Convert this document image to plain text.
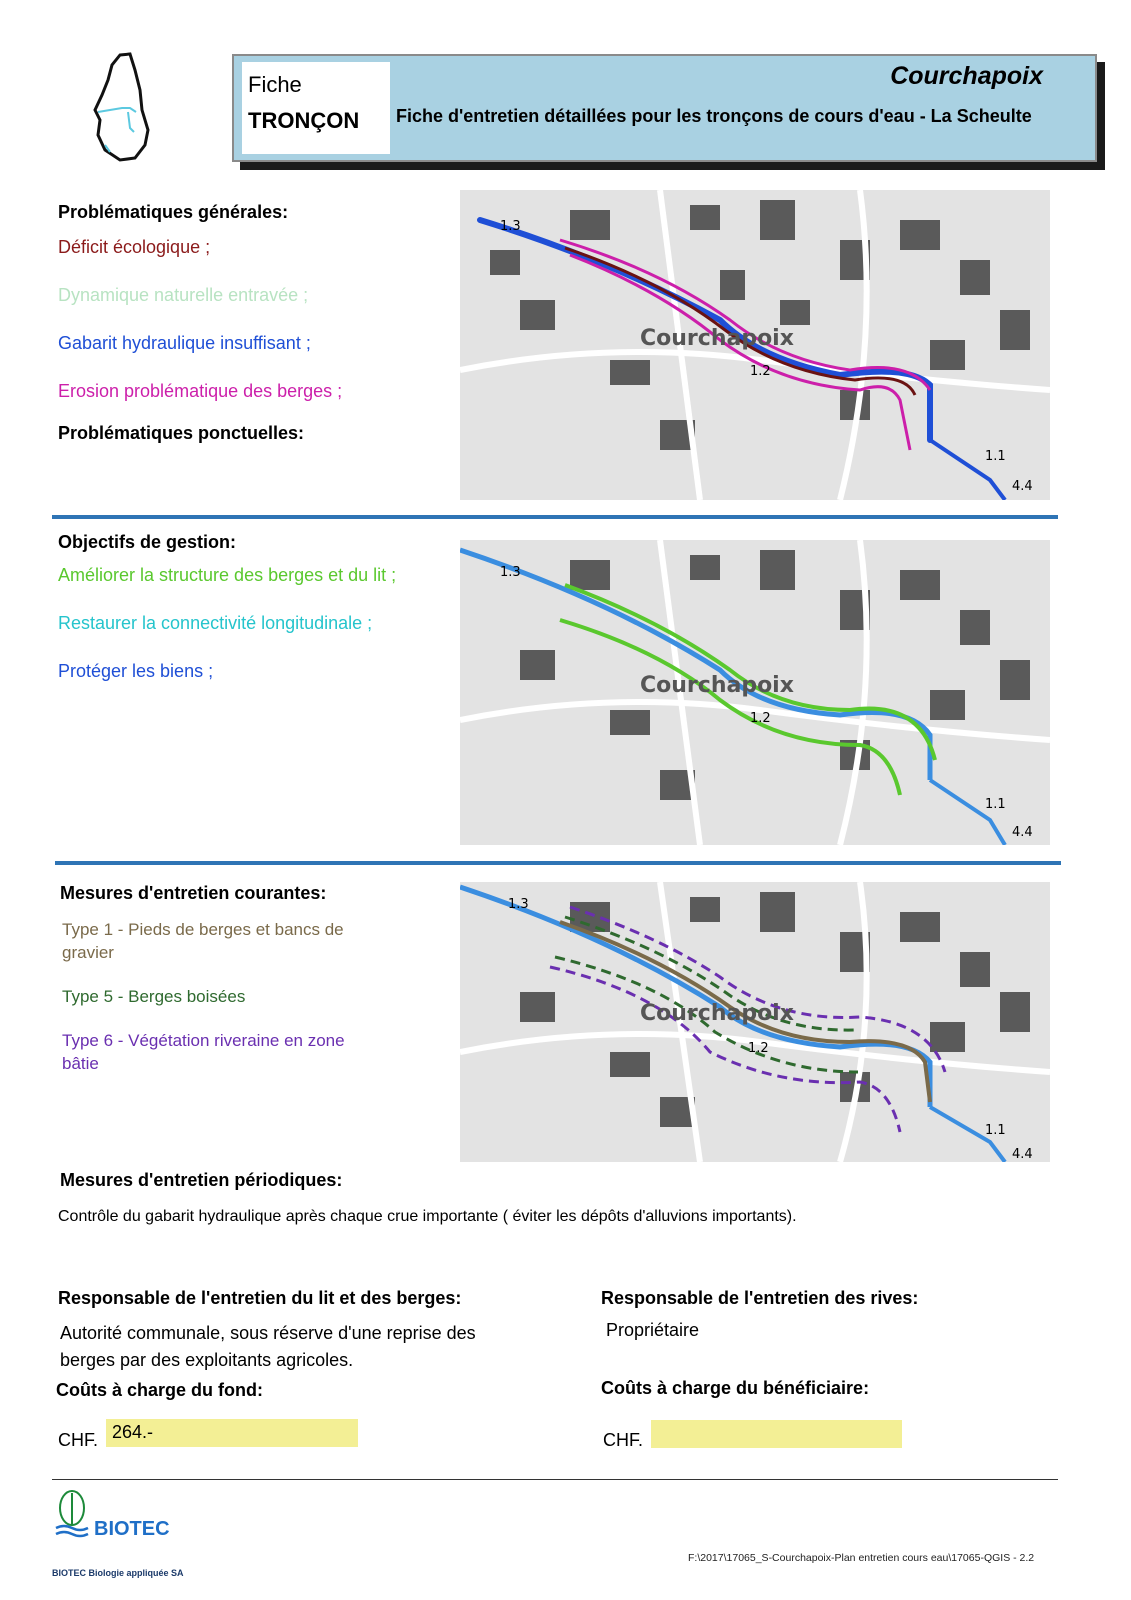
Fiche
TRONÇON
Courchapoix
Fiche d'entretien détaillées pour les tronçons de cours d'eau - La Scheulte
Problématiques générales:
Déficit écologique ;
Dynamique naturelle entravée ;
Gabarit hydraulique insuffisant ;
Erosion problématique des berges ;
Problématiques ponctuelles:
Courchapoix
1.3
1.2
1.1
4.4
Objectifs de gestion:
Améliorer la structure des berges et du lit ;
Restaurer la connectivité longitudinale ;
Protéger les biens ;
Courchapoix
1.3
1.2
1.1
4.4
Mesures d'entretien courantes:
Type 1 - Pieds de berges et bancs de gravier
Type 5 - Berges boisées
Type 6 - Végétation riveraine en zone bâtie
Courchapoix
1.3
1.2
1.1
4.4
Mesures d'entretien périodiques:
Contrôle du gabarit hydraulique après chaque crue importante ( éviter les dépôts d'alluvions importants).
Responsable de l'entretien du lit et des berges:
Autorité communale, sous réserve d'une reprise des berges par des exploitants agricoles.
Responsable de l'entretien des rives:
Propriétaire
Coûts à charge du fond:
CHF. 264.-
Coûts à charge du bénéficiaire:
CHF.
BIOTEC
BIOTEC Biologie appliquée SA
F:\2017\17065_S-Courchapoix-Plan entretien cours eau\17065-QGIS - 2.2
